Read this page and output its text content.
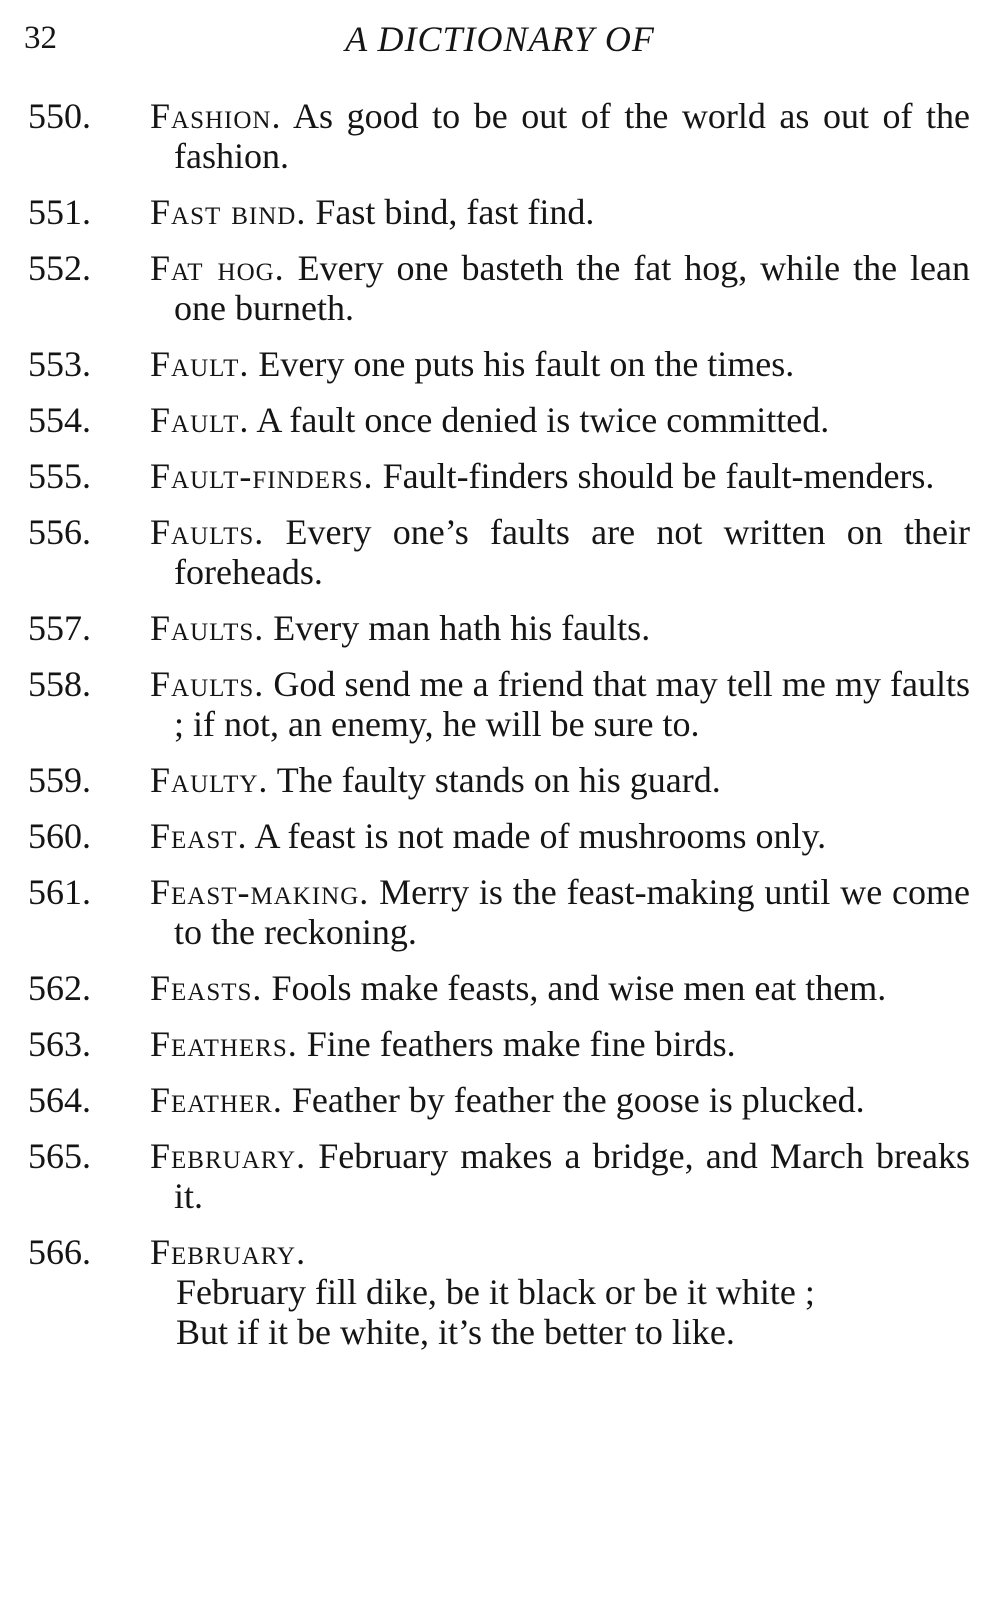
32	A DICTIONARY OF
550. Fashion. As good to be out of the world as out of the fashion.
551. Fast bind. Fast bind, fast find.
552. Fat hog. Every one basteth the fat hog, while the lean one burneth.
553. Fault. Every one puts his fault on the times.
554. Fault. A fault once denied is twice committed.
555. Fault-finders. Fault-finders should be fault-menders.
556. Faults. Every one’s faults are not written on their foreheads.
557. Faults. Every man hath his faults.
558. Faults. God send me a friend that may tell me my faults ; if not, an enemy, he will be sure to.
559. Faulty. The faulty stands on his guard.
560. Feast. A feast is not made of mushrooms only.
561. Feast-making. Merry is the feast-making until we come to the reckoning.
562. Feasts. Fools make feasts, and wise men eat them.
563. Feathers. Fine feathers make fine birds.
564. Feather. Feather by feather the goose is plucked.
565. February. February makes a bridge, and March breaks it.
566. February.
February fill dike, be it black or be it white ;
But if it be white, it’s the better to like.
